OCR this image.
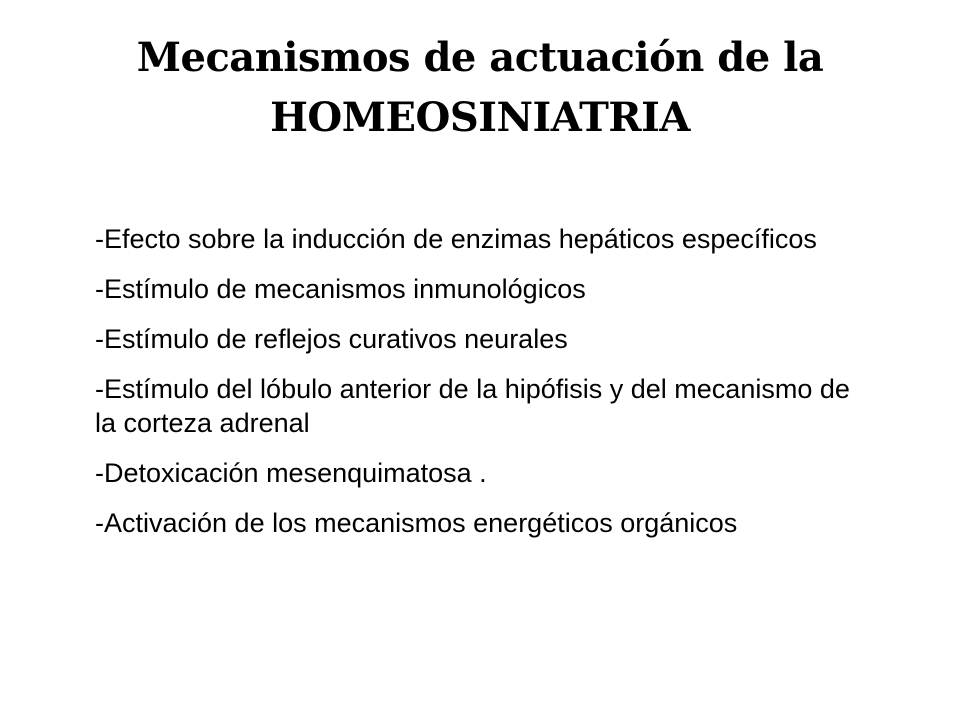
Mecanismos de actuación de la
HOMEOSINIATRIA
-Efecto sobre la inducción de enzimas hepáticos específicos
-Estímulo de mecanismos inmunológicos
-Estímulo de reflejos curativos neurales
-Estímulo del lóbulo anterior de la hipófisis y del mecanismo de la corteza adrenal
-Detoxicación mesenquimatosa .
-Activación de los mecanismos energéticos orgánicos
